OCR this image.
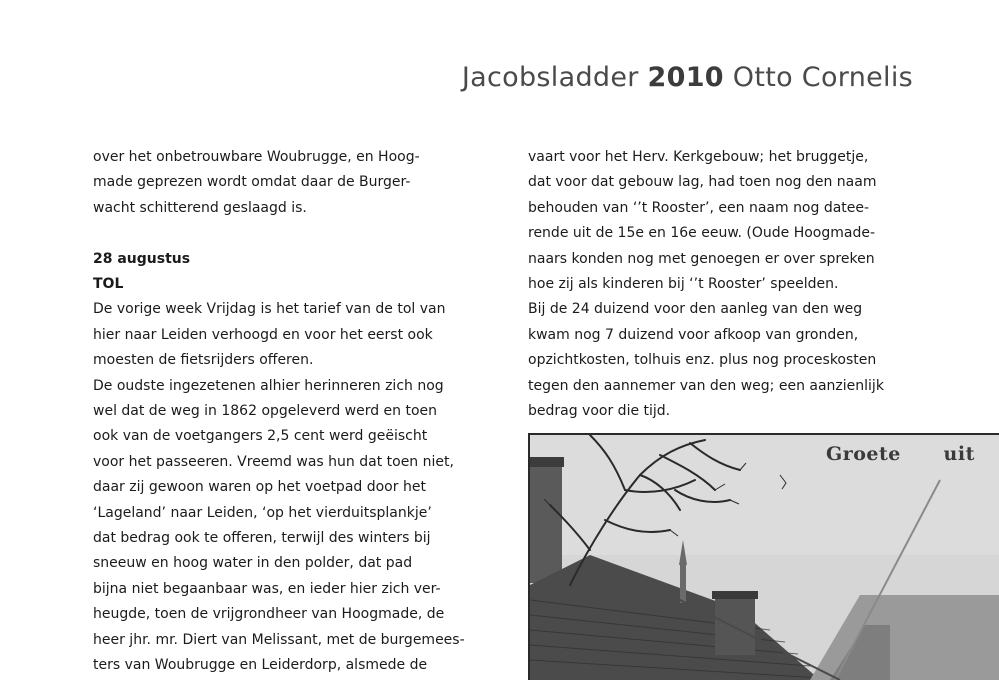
Jacobsladder 2010 Otto Cornelis

over het onbetrouwbare Woubrugge, en Hoog-

made geprezen wordt omdat daar de Burger-

wacht schitterend geslaagd is.

28 augustus

TOL

De vorige week Vrijdag is het tarief van de tol van

hier naar Leiden verhoogd en voor het eerst ook

moesten de fietsrijders offeren.

De oudste ingezetenen alhier herinneren zich nog

wel dat de weg in 1862 opgeleverd werd en toen

ook van de voetgangers 2,5 cent werd geëischt

voor het passeeren. Vreemd was hun dat toen niet,

daar zij gewoon waren op het voetpad door het

‘Lageland’ naar Leiden, ‘op het vierduitsplankje’

dat bedrag ook te offeren, terwijl des winters bij

sneeuw en hoog water in den polder, dat pad

bijna niet begaanbaar was, en ieder hier zich ver-

heugde, toen de vrijgrondheer van Hoogmade, de

heer jhr. mr. Diert van Melissant, met de burgemees-

ters van Woubrugge en Leiderdorp, alsmede de

vaart voor het Herv. Kerkgebouw; het bruggetje,

dat voor dat gebouw lag, had toen nog den naam

behouden van ‘’t Rooster’, een naam nog datee-

rende uit de 15e en 16e eeuw. (Oude Hoogmade-

naars konden nog met genoegen er over spreken

hoe zij als kinderen bij ‘’t Rooster’ speelden.

Bij de 24 duizend voor den aanleg van den weg

kwam nog 7 duizend voor afkoop van gronden,

opzichtkosten, tolhuis enz. plus nog proceskosten

tegen den aannemer van den weg; een aanzienlijk

bedrag voor die tijd.

Groete      uit
